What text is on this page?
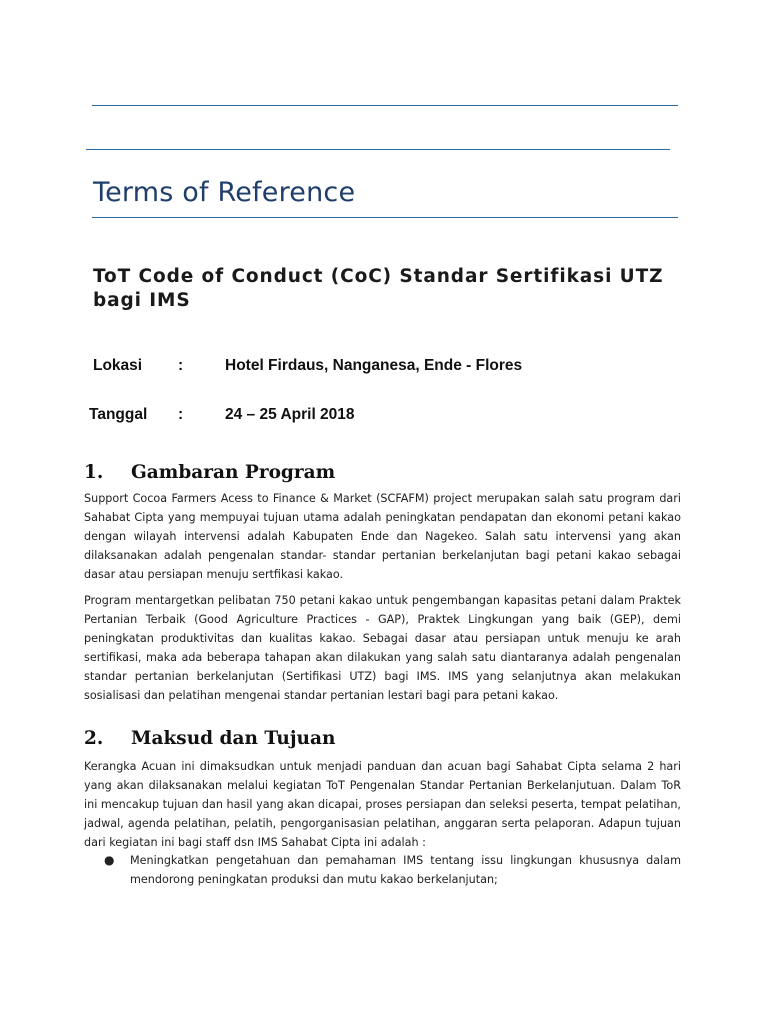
Terms of Reference
ToT Code of Conduct (CoC) Standar Sertifikasi UTZ bagi IMS
Lokasi :	Hotel Firdaus, Nanganesa, Ende - Flores
Tanggal :	24 – 25 April 2018
1. Gambaran Program

Support Cocoa Farmers Acess to Finance & Market (SCFAFM) project merupakan salah satu program dari Sahabat Cipta yang mempuyai tujuan utama adalah peningkatan pendapatan dan ekonomi petani kakao dengan wilayah intervensi adalah Kabupaten Ende dan Nagekeo. Salah satu intervensi yang akan dilaksanakan adalah pengenalan standar- standar pertanian berkelanjutan bagi petani kakao sebagai dasar atau persiapan menuju sertfikasi kakao.

Program mentargetkan pelibatan 750 petani kakao untuk pengembangan kapasitas petani dalam Praktek Pertanian Terbaik (Good Agriculture Practices - GAP), Praktek Lingkungan yang baik (GEP), demi peningkatan produktivitas dan kualitas kakao. Sebagai dasar atau persiapan untuk menuju ke arah sertifikasi, maka ada beberapa tahapan akan dilakukan yang salah satu diantaranya adalah pengenalan standar pertanian berkelanjutan (Sertifikasi UTZ) bagi IMS. IMS yang selanjutnya akan melakukan sosialisasi dan pelatihan mengenai standar pertanian lestari bagi para petani kakao.

2. Maksud dan Tujuan

Kerangka Acuan ini dimaksudkan untuk menjadi panduan dan acuan bagi Sahabat Cipta selama 2 hari yang akan dilaksanakan melalui kegiatan ToT Pengenalan Standar Pertanian Berkelanjutuan. Dalam ToR ini mencakup tujuan dan hasil yang akan dicapai, proses persiapan dan seleksi peserta, tempat pelatihan, jadwal, agenda pelatihan, pelatih, pengorganisasian pelatihan, anggaran serta pelaporan. Adapun tujuan dari kegiatan ini bagi staff dsn IMS Sahabat Cipta ini adalah :

● Meningkatkan pengetahuan dan pemahaman IMS tentang issu lingkungan khususnya dalam mendorong peningkatan produksi dan mutu kakao berkelanjutan;
